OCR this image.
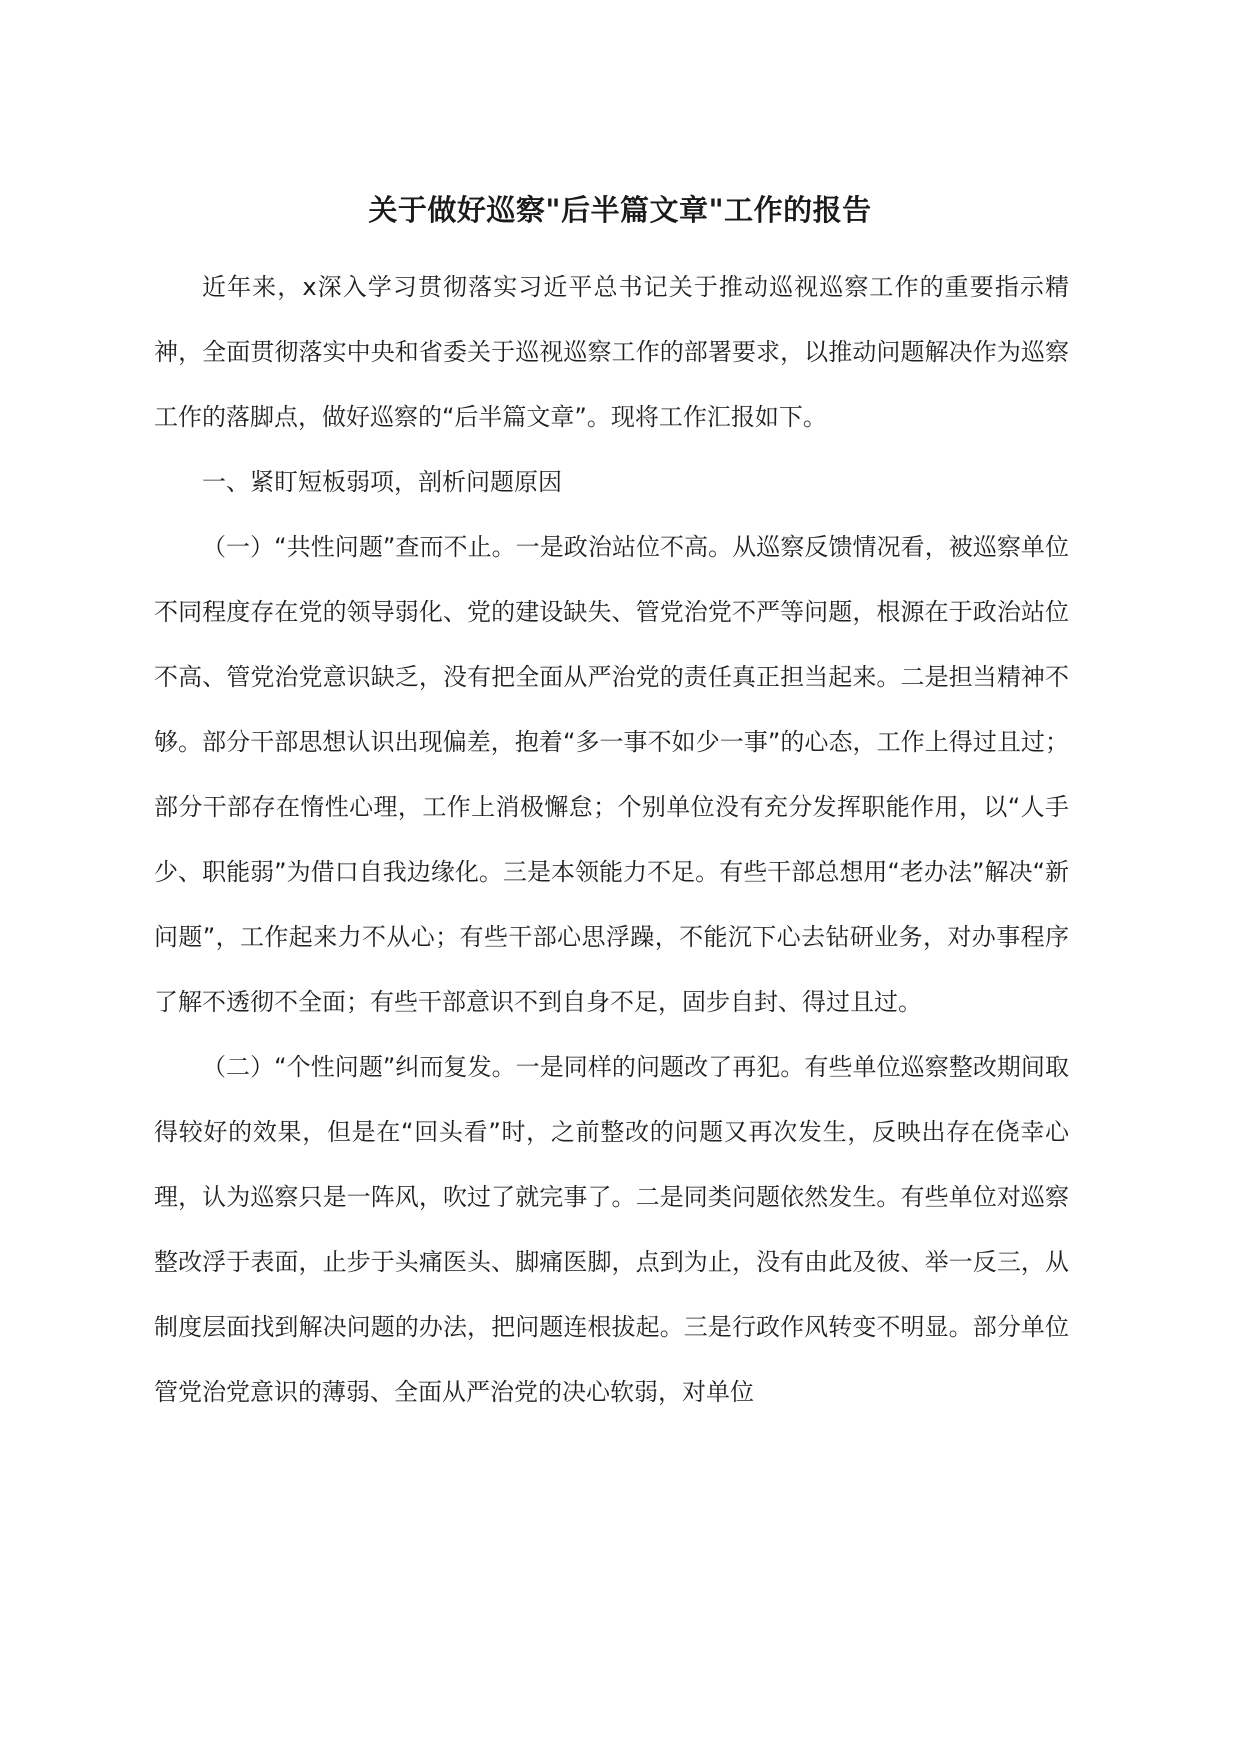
关于做好巡察"后半篇文章"工作的报告

近年来，x深入学习贯彻落实习近平总书记关于推动巡视巡察工作的重要指示精神，全面贯彻落实中央和省委关于巡视巡察工作的部署要求，以推动问题解决作为巡察工作的落脚点，做好巡察的“后半篇文章”。现将工作汇报如下。

一、紧盯短板弱项，剖析问题原因

（一）“共性问题”查而不止。一是政治站位不高。从巡察反馈情况看，被巡察单位不同程度存在党的领导弱化、党的建设缺失、管党治党不严等问题，根源在于政治站位不高、管党治党意识缺乏，没有把全面从严治党的责任真正担当起来。二是担当精神不够。部分干部思想认识出现偏差，抱着“多一事不如少一事”的心态，工作上得过且过；部分干部存在惰性心理，工作上消极懈怠；个别单位没有充分发挥职能作用，以“人手少、职能弱”为借口自我边缘化。三是本领能力不足。有些干部总想用“老办法”解决“新问题”，工作起来力不从心；有些干部心思浮躁，不能沉下心去钻研业务，对办事程序了解不透彻不全面；有些干部意识不到自身不足，固步自封、得过且过。

（二）“个性问题”纠而复发。一是同样的问题改了再犯。有些单位巡察整改期间取得较好的效果，但是在“回头看”时，之前整改的问题又再次发生，反映出存在侥幸心理，认为巡察只是一阵风，吹过了就完事了。二是同类问题依然发生。有些单位对巡察整改浮于表面，止步于头痛医头、脚痛医脚，点到为止，没有由此及彼、举一反三，从制度层面找到解决问题的办法，把问题连根拔起。三是行政作风转变不明显。部分单位管党治党意识的薄弱、全面从严治党的决心软弱，对单位
